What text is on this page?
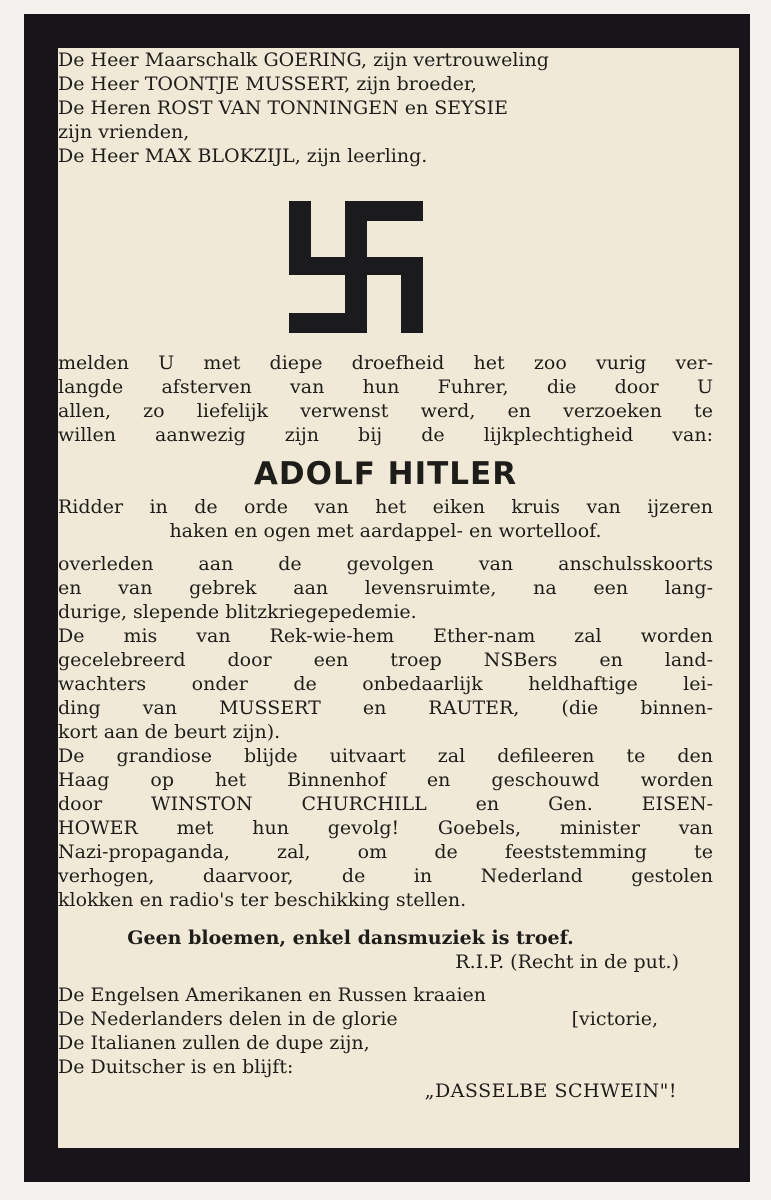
De Heer Maarschalk GOERING, zijn vertrouweling
De Heer TOONTJE MUSSERT, zijn broeder,
De Heren ROST VAN TONNINGEN en SEYSIE
zijn vrienden,
De Heer MAX BLOKZIJL, zijn leerling.
melden U met diepe droefheid het zoo vurig ver-
langde afsterven van hun Fuhrer, die door U
allen, zo liefelijk verwenst werd, en verzoeken te
willen aanwezig zijn bij de lijkplechtigheid van:
ADOLF HITLER
Ridder in de orde van het eiken kruis van ijzeren
haken en ogen met aardappel- en wortelloof.
overleden aan de gevolgen van anschulsskoorts
en van gebrek aan levensruimte, na een lang-
durige, slepende blitzkriegepedemie.
De mis van Rek-wie-hem Ether-nam zal worden
gecelebreerd door een troep NSBers en land-
wachters onder de onbedaarlijk heldhaftige lei-
ding van MUSSERT en RAUTER, (die binnen-
kort aan de beurt zijn).
De grandiose blijde uitvaart zal defileeren te den
Haag op het Binnenhof en geschouwd worden
door WINSTON CHURCHILL en Gen. EISEN-
HOWER met hun gevolg! Goebels, minister van
Nazi-propaganda, zal, om de feeststemming te
verhogen, daarvoor, de in Nederland gestolen
klokken en radio's ter beschikking stellen.
Geen bloemen, enkel dansmuziek is troef.
R.I.P. (Recht in de put.)
De Engelsen Amerikanen en Russen kraaien
De Nederlanders delen in de glorie	[victorie,
De Italianen zullen de dupe zijn,
De Duitscher is en blijft:
„DASSELBE SCHWEIN"!
